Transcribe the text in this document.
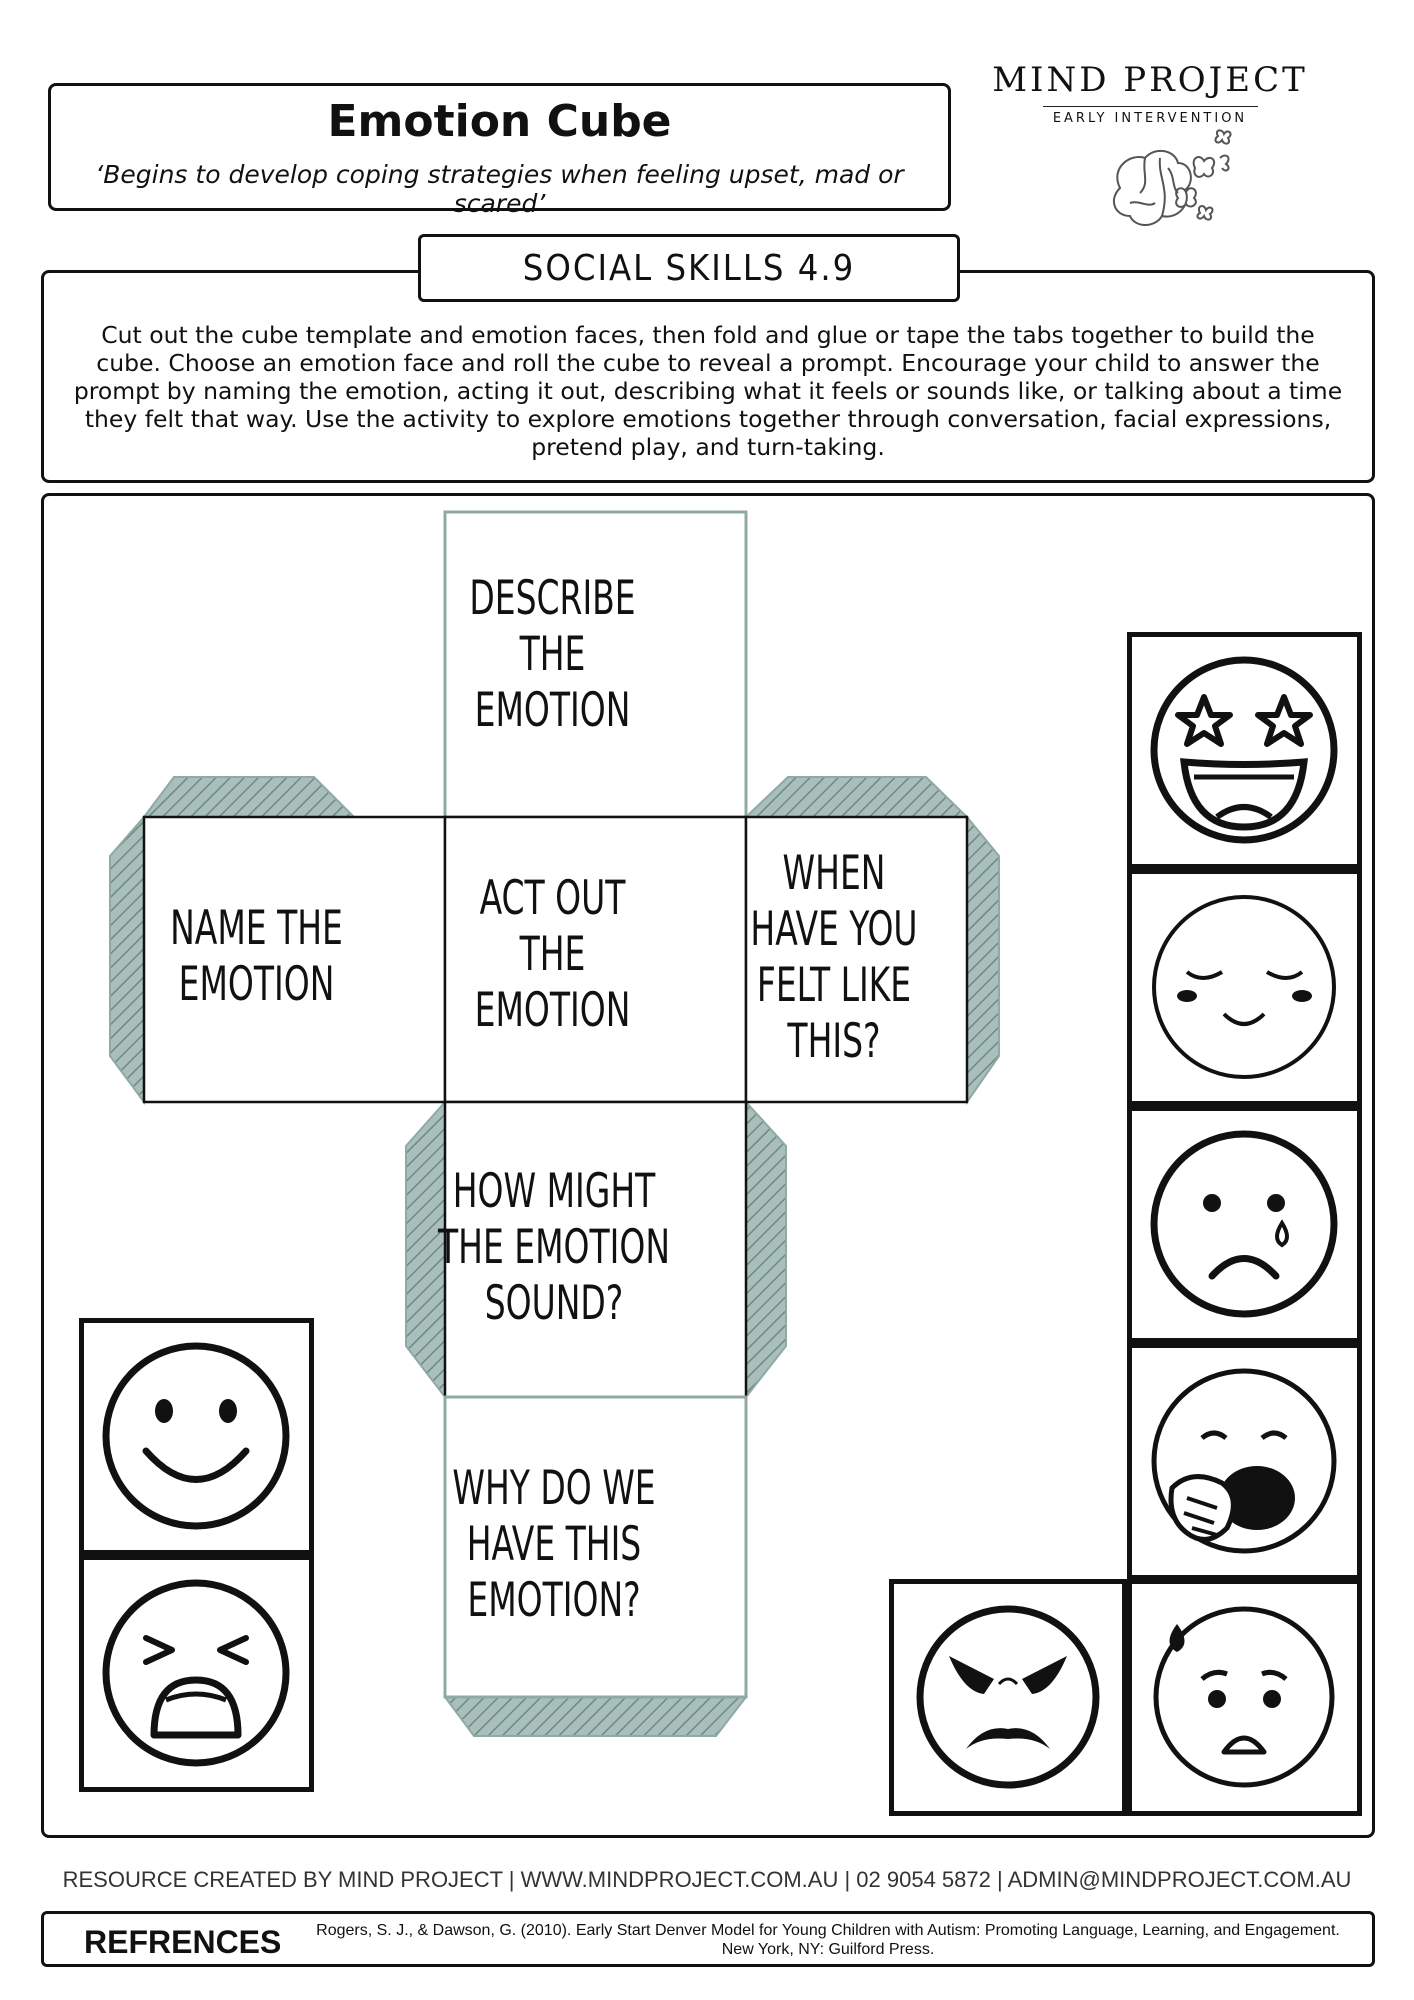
Emotion Cube
‘Begins to develop coping strategies when feeling upset, mad or scared’
MIND PROJECT
EARLY INTERVENTION
Cut out the cube template and emotion faces, then fold and glue or tape the tabs together to build the cube. Choose an emotion face and roll the cube to reveal a prompt. Encourage your child to answer the prompt by naming the emotion, acting it out, describing what it feels or sounds like, or talking about a time they felt that way. Use the activity to explore emotions together through conversation, facial expressions, pretend play, and turn-taking.
SOCIAL SKILLS 4.9
DESCRIBE
THE
EMOTION
NAME THE
EMOTION
ACT OUT
THE
EMOTION
WHEN
HAVE YOU
FELT LIKE
THIS?
HOW MIGHT
THE EMOTION
SOUND?
WHY DO WE
HAVE THIS
EMOTION?
RESOURCE CREATED BY MIND PROJECT | WWW.MINDPROJECT.COM.AU | 02 9054 5872 | ADMIN@MINDPROJECT.COM.AU
REFRENCES	Rogers, S. J., & Dawson, G. (2010). Early Start Denver Model for Young Children with Autism: Promoting Language, Learning, and Engagement. New York, NY: Guilford Press.
